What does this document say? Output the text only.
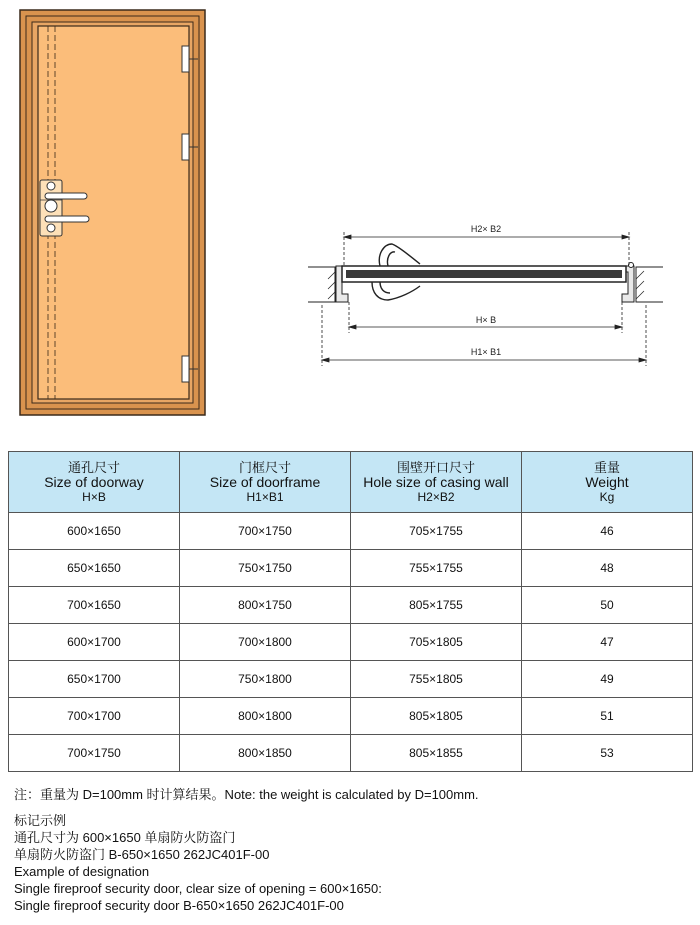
H2× B2
H× B
H1× B1
通孔尺寸
Size of doorway
H×B	门框尺寸
Size of doorframe
H1×B1	围壁开口尺寸
Hole size of casing wall
H2×B2	重量
Weight
Kg

600×1650	700×1750	705×1755	46
650×1650	750×1750	755×1755	48
700×1650	800×1750	805×1755	50
600×1700	700×1800	705×1805	47
650×1700	750×1800	755×1805	49
700×1700	800×1800	805×1805	51
700×1750	800×1850	805×1855	53
注：重量为 D=100mm 时计算结果。Note: the weight is calculated by D=100mm.
标记示例
通孔尺寸为 600×1650 单扇防火防盗门
单扇防火防盗门 B-650×1650 262JC401F-00
Example of designation
Single fireproof security door, clear size of opening = 600×1650:
Single fireproof security door B-650×1650 262JC401F-00
